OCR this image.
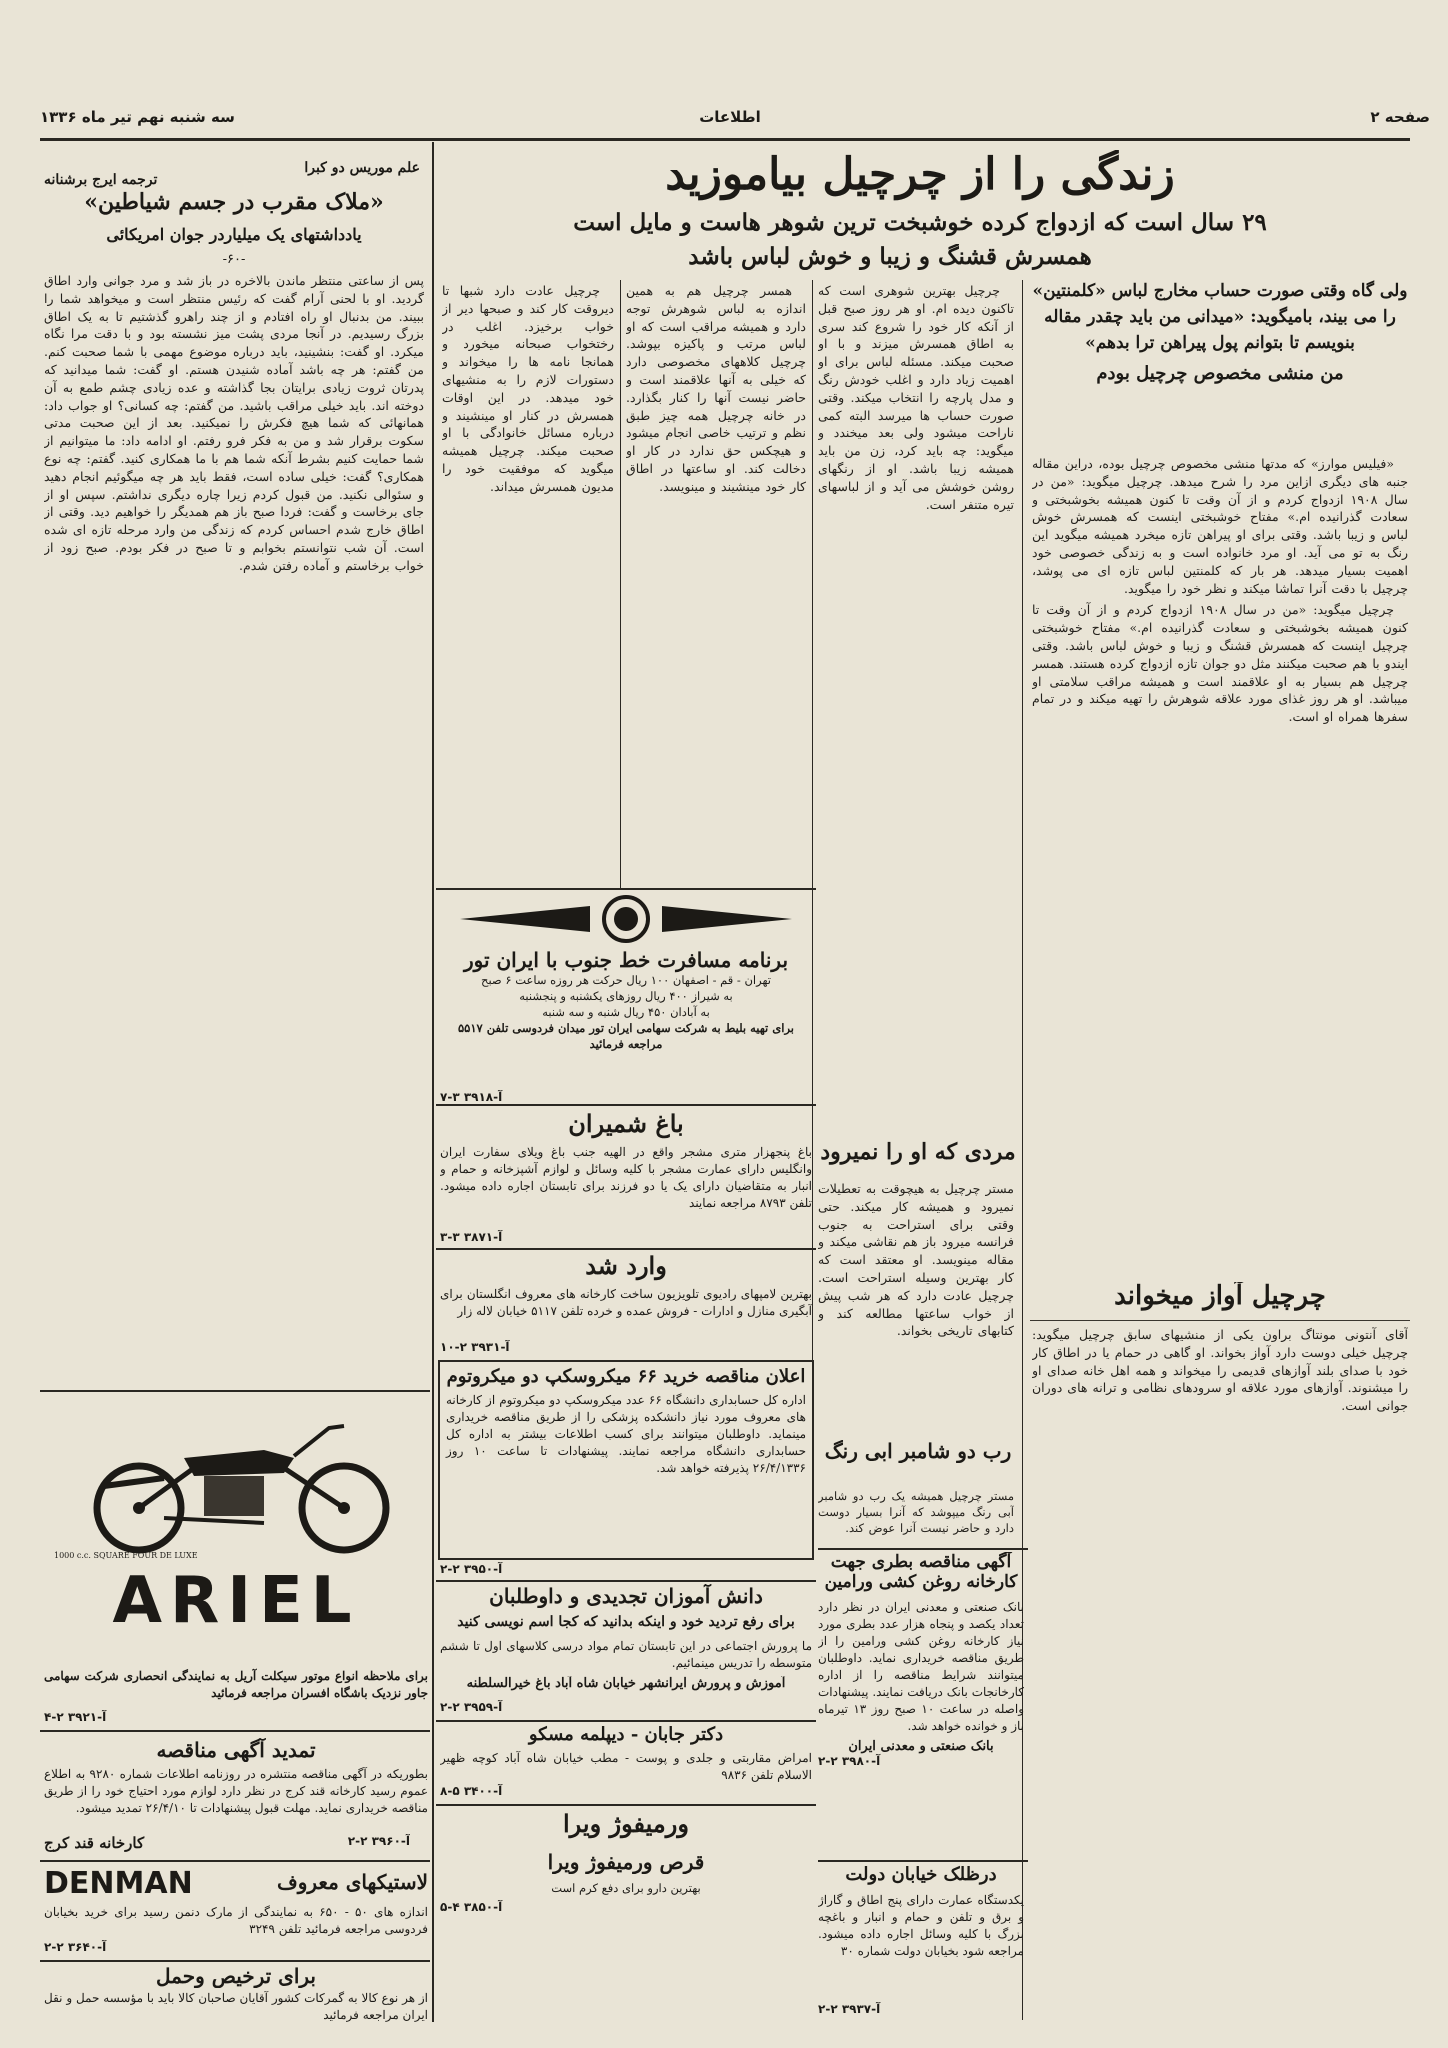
صفحه ۲
اطلاعات
سه شنبه نهم تیر ماه ۱۳۳۶
زندگی را از چرچیل بیاموزید
۲۹ سال است که ازدواج کرده خوشبخت ترین شوهر هاست و مایل است
همسرش قشنگ و زیبا و خوش لباس باشد
ولی گاه وقتی صورت حساب مخارج لباس «کلمنتین» را می بیند، بامیگوید: «میدانی من باید چقدر مقاله بنویسم تا بتوانم پول پیراهن ترا بدهم»
من منشی مخصوص چرچیل بودم

«فیلیس موارز» که مدتها منشی مخصوص چرچیل بوده، دراین مقاله جنبه های دیگری ازاین مرد را شرح میدهد. چرچیل میگوید: «من در سال ۱۹۰۸ ازدواج کردم و از آن وقت تا کنون همیشه بخوشبختی و سعادت گذرانیده ام.» مفتاح خوشبختی اینست که همسرش خوش لباس و زیبا باشد. وقتی برای او پیراهن تازه میخرد همیشه میگوید این رنگ به تو می آید. او مرد خانواده است و به زندگی خصوصی خود اهمیت بسیار میدهد. هر بار که کلمنتین لباس تازه ای می پوشد، چرچیل با دقت آنرا تماشا میکند و نظر خود را میگوید.

چرچیل میگوید: «من در سال ۱۹۰۸ ازدواج کردم و از آن وقت تا کنون همیشه بخوشبختی و سعادت گذرانیده ام.» مفتاح خوشبختی چرچیل اینست که همسرش قشنگ و زیبا و خوش لباس باشد. وقتی ایندو با هم صحبت میکنند مثل دو جوان تازه ازدواج کرده هستند. همسر چرچیل هم بسیار به او علاقمند است و همیشه مراقب سلامتی او میباشد. او هر روز غذای مورد علاقه شوهرش را تهیه میکند و در تمام سفرها همراه او است.

چرچیل آواز میخواند
آقای آنتونی مونتاگ براون یکی از منشیهای سابق چرچیل میگوید: چرچیل خیلی دوست دارد آواز بخواند. او گاهی در حمام یا در اطاق کار خود با صدای بلند آوازهای قدیمی را میخواند و همه اهل خانه صدای او را میشنوند. آوازهای مورد علاقه او سرودهای نظامی و ترانه های دوران جوانی است.

چرچیل بهترین شوهری است که تاکنون دیده ام. او هر روز صبح قبل از آنکه کار خود را شروع کند سری به اطاق همسرش میزند و با او صحبت میکند. مسئله لباس برای او اهمیت زیاد دارد و اغلب خودش رنگ و مدل پارچه را انتخاب میکند. وقتی صورت حساب ها میرسد البته کمی ناراحت میشود ولی بعد میخندد و میگوید: چه باید کرد، زن من باید همیشه زیبا باشد. او از رنگهای روشن خوشش می آید و از لباسهای تیره متنفر است.

همسر چرچیل هم به همین اندازه به لباس شوهرش توجه دارد و همیشه مراقب است که او لباس مرتب و پاکیزه بپوشد. چرچیل کلاههای مخصوصی دارد که خیلی به آنها علاقمند است و حاضر نیست آنها را کنار بگذارد. در خانه چرچیل همه چیز طبق نظم و ترتیب خاصی انجام میشود و هیچکس حق ندارد در کار او دخالت کند. او ساعتها در اطاق کار خود مینشیند و مینویسد.

چرچیل عادت دارد شبها تا دیروقت کار کند و صبحها دیر از خواب برخیزد. اغلب در رختخواب صبحانه میخورد و همانجا نامه ها را میخواند و دستورات لازم را به منشیهای خود میدهد. در این اوقات همسرش در کنار او مینشیند و درباره مسائل خانوادگی با او صحبت میکند. چرچیل همیشه میگوید که موفقیت خود را مدیون همسرش میداند.

مردی که او را نمیرود
مستر چرچیل به هیچوقت به تعطیلات نمیرود و همیشه کار میکند. حتی وقتی برای استراحت به جنوب فرانسه میرود باز هم نقاشی میکند و مقاله مینویسد. او معتقد است که کار بهترین وسیله استراحت است. چرچیل عادت دارد که هر شب پیش از خواب ساعتها مطالعه کند و کتابهای تاریخی بخواند.
رب دو شامبر ابی رنگ
مستر چرچیل همیشه یک رب دو شامبر آبی رنگ میپوشد که آنرا بسیار دوست دارد و حاضر نیست آنرا عوض کند.
علم موریس دو کبرا
ترجمه ایرج برشنانه
«ملاک مقرب در جسم شیاطین»
یادداشتهای یک میلیاردر جوان امریکائی
-۶۰-
پس از ساعتی منتظر ماندن بالاخره در باز شد و مرد جوانی وارد اطاق گردید. او با لحنی آرام گفت که رئیس منتظر است و میخواهد شما را ببیند. من بدنبال او راه افتادم و از چند راهرو گذشتیم تا به یک اطاق بزرگ رسیدیم. در آنجا مردی پشت میز نشسته بود و با دقت مرا نگاه میکرد. او گفت: بنشینید، باید درباره موضوع مهمی با شما صحبت کنم. من گفتم: هر چه باشد آماده شنیدن هستم. او گفت: شما میدانید که پدرتان ثروت زیادی برایتان بجا گذاشته و عده زیادی چشم طمع به آن دوخته اند. باید خیلی مراقب باشید. من گفتم: چه کسانی؟ او جواب داد: همانهائی که شما هیچ فکرش را نمیکنید. بعد از این صحبت مدتی سکوت برقرار شد و من به فکر فرو رفتم. او ادامه داد: ما میتوانیم از شما حمایت کنیم بشرط آنکه شما هم با ما همکاری کنید. گفتم: چه نوع همکاری؟ گفت: خیلی ساده است، فقط باید هر چه میگوئیم انجام دهید و سئوالی نکنید. من قبول کردم زیرا چاره دیگری نداشتم. سپس او از جای برخاست و گفت: فردا صبح باز هم همدیگر را خواهیم دید. وقتی از اطاق خارج شدم احساس کردم که زندگی من وارد مرحله تازه ای شده است. آن شب نتوانستم بخوابم و تا صبح در فکر بودم. صبح زود از خواب برخاستم و آماده رفتن شدم.
1000 c.c. SQUARE FOUR DE LUXE
ARIEL
برای ملاحظه انواع موتور سیکلت آریل به نمایندگی انحصاری شرکت سهامی جاور نزدیک باشگاه افسران مراجعه فرمائید
آ-۳۹۲۱ ۲-۴
تمدید آگهی مناقصه
بطوریکه در آگهی مناقصه منتشره در روزنامه اطلاعات شماره ۹۲۸۰ به اطلاع عموم رسید کارخانه قند کرج در نظر دارد لوازم مورد احتیاج خود را از طریق مناقصه خریداری نماید. مهلت قبول پیشنهادات تا ۲۶/۴/۱۰ تمدید میشود.
کارخانه قند کرج	آ-۳۹۶۰ ۲-۲
DENMAN	لاستیکهای معروف
اندازه های ۵۰ - ۶۵۰ به نمایندگی از مارک دنمن رسید برای خرید بخیابان فردوسی مراجعه فرمائید تلفن ۳۲۴۹
آ-۳۶۴۰ ۲-۲
برای ترخیص وحمل
از هر نوع کالا به گمرکات کشور آقایان صاحبان کالا باید با مؤسسه حمل و نقل ایران مراجعه فرمائید
برنامه مسافرت خط جنوب با ایران تور
تهران - قم - اصفهان ۱۰۰ ریال حرکت هر روزه ساعت ۶ صبح
به شیراز ۴۰۰ ریال روزهای یکشنبه و پنجشنبه
به آبادان ۴۵۰ ریال شنبه و سه شنبه
برای تهیه بلیط به شرکت سهامی ایران تور میدان فردوسی تلفن ۵۵۱۷ مراجعه فرمائید
آ-۳۹۱۸ ۳-۷
باغ شمیران
باغ پنجهزار متری مشجر واقع در الهیه جنب باغ ویلای سفارت ایران وانگلیس دارای عمارت مشجر با کلیه وسائل و لوازم آشپزخانه و حمام و انبار به متقاضیان دارای یک یا دو فرزند برای تابستان اجاره داده میشود. تلفن ۸۷۹۳ مراجعه نمایند
آ-۳۸۷۱ ۳-۳
وارد شد
بهترین لامپهای رادیوی تلویزیون ساخت کارخانه های معروف انگلستان برای آبگیری منازل و ادارات - فروش عمده و خرده تلفن ۵۱۱۷ خیابان لاله زار
آ-۳۹۳۱ ۲-۱۰
اعلان مناقصه خرید ۶۶ میکروسکپ دو میکروتوم
اداره کل حسابداری دانشگاه ۶۶ عدد میکروسکپ دو میکروتوم از کارخانه های معروف مورد نیاز دانشکده پزشکی را از طریق مناقصه خریداری مینماید. داوطلبان میتوانند برای کسب اطلاعات بیشتر به اداره کل حسابداری دانشگاه مراجعه نمایند. پیشنهادات تا ساعت ۱۰ روز ۲۶/۴/۱۳۳۶ پذیرفته خواهد شد.
آ-۳۹۵۰ ۲-۲
دانش آموزان تجدیدی و داوطلبان
برای رفع تردید خود و اینکه بدانید که کجا اسم نویسی کنید
ما پرورش اجتماعی در این تابستان تمام مواد درسی کلاسهای اول تا ششم متوسطه را تدریس مینمائیم.
آموزش و پرورش ایرانشهر خیابان شاه آباد باغ خیرالسلطنه
آ-۳۹۵۹ ۲-۲
دکتر جابان - دیپلمه مسکو
امراض مقاربتی و جلدی و پوست - مطب خیابان شاه آباد کوچه ظهیر الاسلام تلفن ۹۸۳۶
آ-۳۴۰۰ ۵-۸
ورمیفوژ ویرا
قرص ورمیفوژ ویرا
بهترین دارو برای دفع کرم است
آ-۳۸۵۰ ۴-۵
آگهی مناقصه بطری جهت کارخانه روغن کشی ورامین
بانک صنعتی و معدنی ایران در نظر دارد تعداد یکصد و پنجاه هزار عدد بطری مورد نیاز کارخانه روغن کشی ورامین را از طریق مناقصه خریداری نماید. داوطلبان میتوانند شرایط مناقصه را از اداره کارخانجات بانک دریافت نمایند. پیشنهادات واصله در ساعت ۱۰ صبح روز ۱۳ تیرماه باز و خوانده خواهد شد.
بانک صنعتی و معدنی ایران
آ-۳۹۸۰ ۲-۲
درظلک خیابان دولت
یکدستگاه عمارت دارای پنج اطاق و گاراژ و برق و تلفن و حمام و انبار و باغچه بزرگ با کلیه وسائل اجاره داده میشود. مراجعه شود بخیابان دولت شماره ۳۰
آ-۳۹۳۷ ۲-۲
